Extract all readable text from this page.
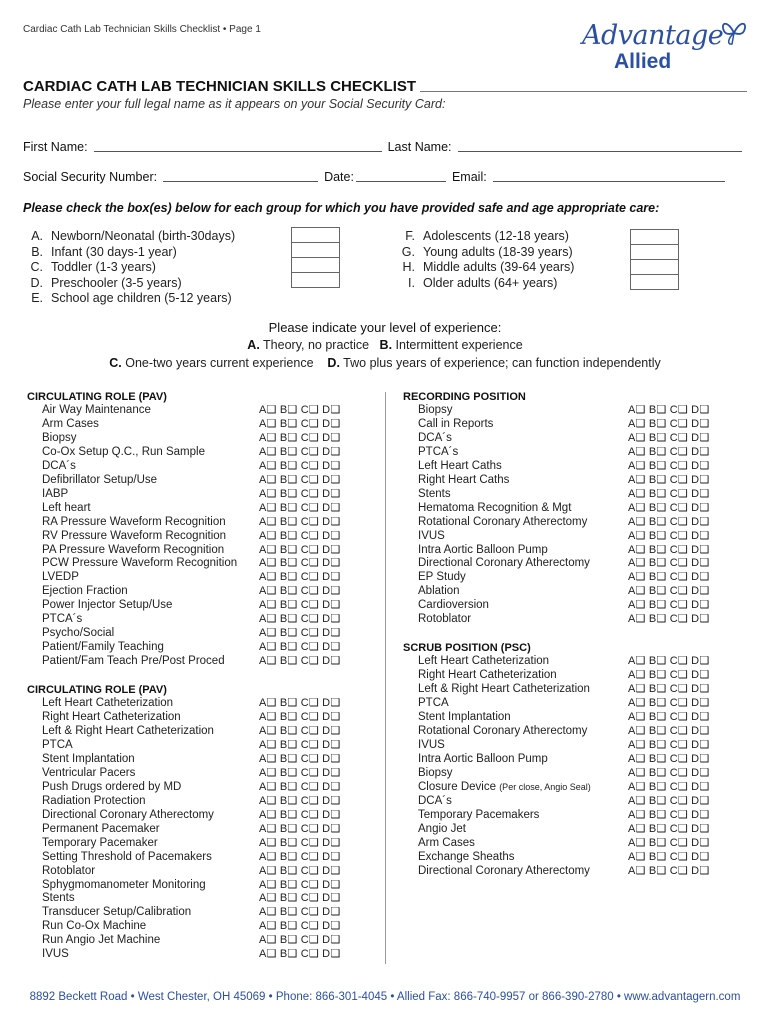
Cardiac Cath Lab Technician Skills Checklist • Page 1	Advantage
Allied
CARDIAC CATH LAB TECHNICIAN SKILLS CHECKLIST
Please enter your full legal name as it appears on your Social Security Card:
First Name:	Last Name:
Social Security Number:	Date:	Email:
Please check the box(es) below for each group for which you have provided safe and age appropriate care:
A. Newborn/Neonatal (birth-30days)
B. Infant (30 days-1 year)
C. Toddler (1-3 years)
D. Preschooler (3-5 years)
E. School age children (5-12 years)
F. Adolescents (12-18 years)
G. Young adults (18-39 years)
H. Middle adults (39-64 years)
I. Older adults (64+ years)
Please indicate your level of experience:
A. Theory, no practice B. Intermittent experience
C. One-two years current experience D. Two plus years of experience; can function independently
CIRCULATING ROLE (PAV)
Air Way Maintenance	A❑ B❑ C❑ D❑
Arm Cases	A❑ B❑ C❑ D❑
Biopsy	A❑ B❑ C❑ D❑
Co-Ox Setup Q.C., Run Sample	A❑ B❑ C❑ D❑
DCA´s	A❑ B❑ C❑ D❑
Defibrillator Setup/Use	A❑ B❑ C❑ D❑
IABP	A❑ B❑ C❑ D❑
Left heart	A❑ B❑ C❑ D❑
RA Pressure Waveform Recognition	A❑ B❑ C❑ D❑
RV Pressure Waveform Recognition	A❑ B❑ C❑ D❑
PA Pressure Waveform Recognition	A❑ B❑ C❑ D❑
PCW Pressure Waveform Recognition A❑ B❑ C❑ D❑
LVEDP	A❑ B❑ C❑ D❑
Ejection Fraction	A❑ B❑ C❑ D❑
Power Injector Setup/Use	A❑ B❑ C❑ D❑
PTCA´s	A❑ B❑ C❑ D❑
Psycho/Social	A❑ B❑ C❑ D❑
Patient/Family Teaching	A❑ B❑ C❑ D❑
Patient/Fam Teach Pre/Post Proced	A❑ B❑ C❑ D❑
CIRCULATING ROLE (PAV)
Left Heart Catheterization	A❑ B❑ C❑ D❑
Right Heart Catheterization	A❑ B❑ C❑ D❑
Left & Right Heart Catheterization	A❑ B❑ C❑ D❑
PTCA	A❑ B❑ C❑ D❑
Stent Implantation	A❑ B❑ C❑ D❑
Ventricular Pacers	A❑ B❑ C❑ D❑
Push Drugs ordered by MD	A❑ B❑ C❑ D❑
Radiation Protection	A❑ B❑ C❑ D❑
Directional Coronary Atherectomy	A❑ B❑ C❑ D❑
Permanent Pacemaker	A❑ B❑ C❑ D❑
Temporary Pacemaker	A❑ B❑ C❑ D❑
Setting Threshold of Pacemakers	A❑ B❑ C❑ D❑
Rotoblator	A❑ B❑ C❑ D❑
Sphygmomanometer Monitoring	A❑ B❑ C❑ D❑
Stents	A❑ B❑ C❑ D❑
Transducer Setup/Calibration	A❑ B❑ C❑ D❑
Run Co-Ox Machine	A❑ B❑ C❑ D❑
Run Angio Jet Machine	A❑ B❑ C❑ D❑
IVUS	A❑ B❑ C❑ D❑
RECORDING POSITION
Biopsy	A❑ B❑ C❑ D❑
Call in Reports	A❑ B❑ C❑ D❑
DCA´s	A❑ B❑ C❑ D❑
PTCA´s	A❑ B❑ C❑ D❑
Left Heart Caths	A❑ B❑ C❑ D❑
Right Heart Caths	A❑ B❑ C❑ D❑
Stents	A❑ B❑ C❑ D❑
Hematoma Recognition & Mgt	A❑ B❑ C❑ D❑
Rotational Coronary Atherectomy	A❑ B❑ C❑ D❑
IVUS	A❑ B❑ C❑ D❑
Intra Aortic Balloon Pump	A❑ B❑ C❑ D❑
Directional Coronary Atherectomy	A❑ B❑ C❑ D❑
EP Study	A❑ B❑ C❑ D❑
Ablation	A❑ B❑ C❑ D❑
Cardioversion	A❑ B❑ C❑ D❑
Rotoblator	A❑ B❑ C❑ D❑
SCRUB POSITION (PSC)
Left Heart Catheterization	A❑ B❑ C❑ D❑
Right Heart Catheterization	A❑ B❑ C❑ D❑
Left & Right Heart Catheterization	A❑ B❑ C❑ D❑
PTCA	A❑ B❑ C❑ D❑
Stent Implantation	A❑ B❑ C❑ D❑
Rotational Coronary Atherectomy	A❑ B❑ C❑ D❑
IVUS	A❑ B❑ C❑ D❑
Intra Aortic Balloon Pump	A❑ B❑ C❑ D❑
Biopsy	A❑ B❑ C❑ D❑
Closure Device (Per close, Angio Seal)	A❑ B❑ C❑ D❑
DCA´s	A❑ B❑ C❑ D❑
Temporary Pacemakers	A❑ B❑ C❑ D❑
Angio Jet	A❑ B❑ C❑ D❑
Arm Cases	A❑ B❑ C❑ D❑
Exchange Sheaths	A❑ B❑ C❑ D❑
Directional Coronary Atherectomy	A❑ B❑ C❑ D❑
8892 Beckett Road • West Chester, OH 45069 • Phone: 866-301-4045 • Allied Fax: 866-740-9957 or 866-390-2780 • www.advantagern.com
